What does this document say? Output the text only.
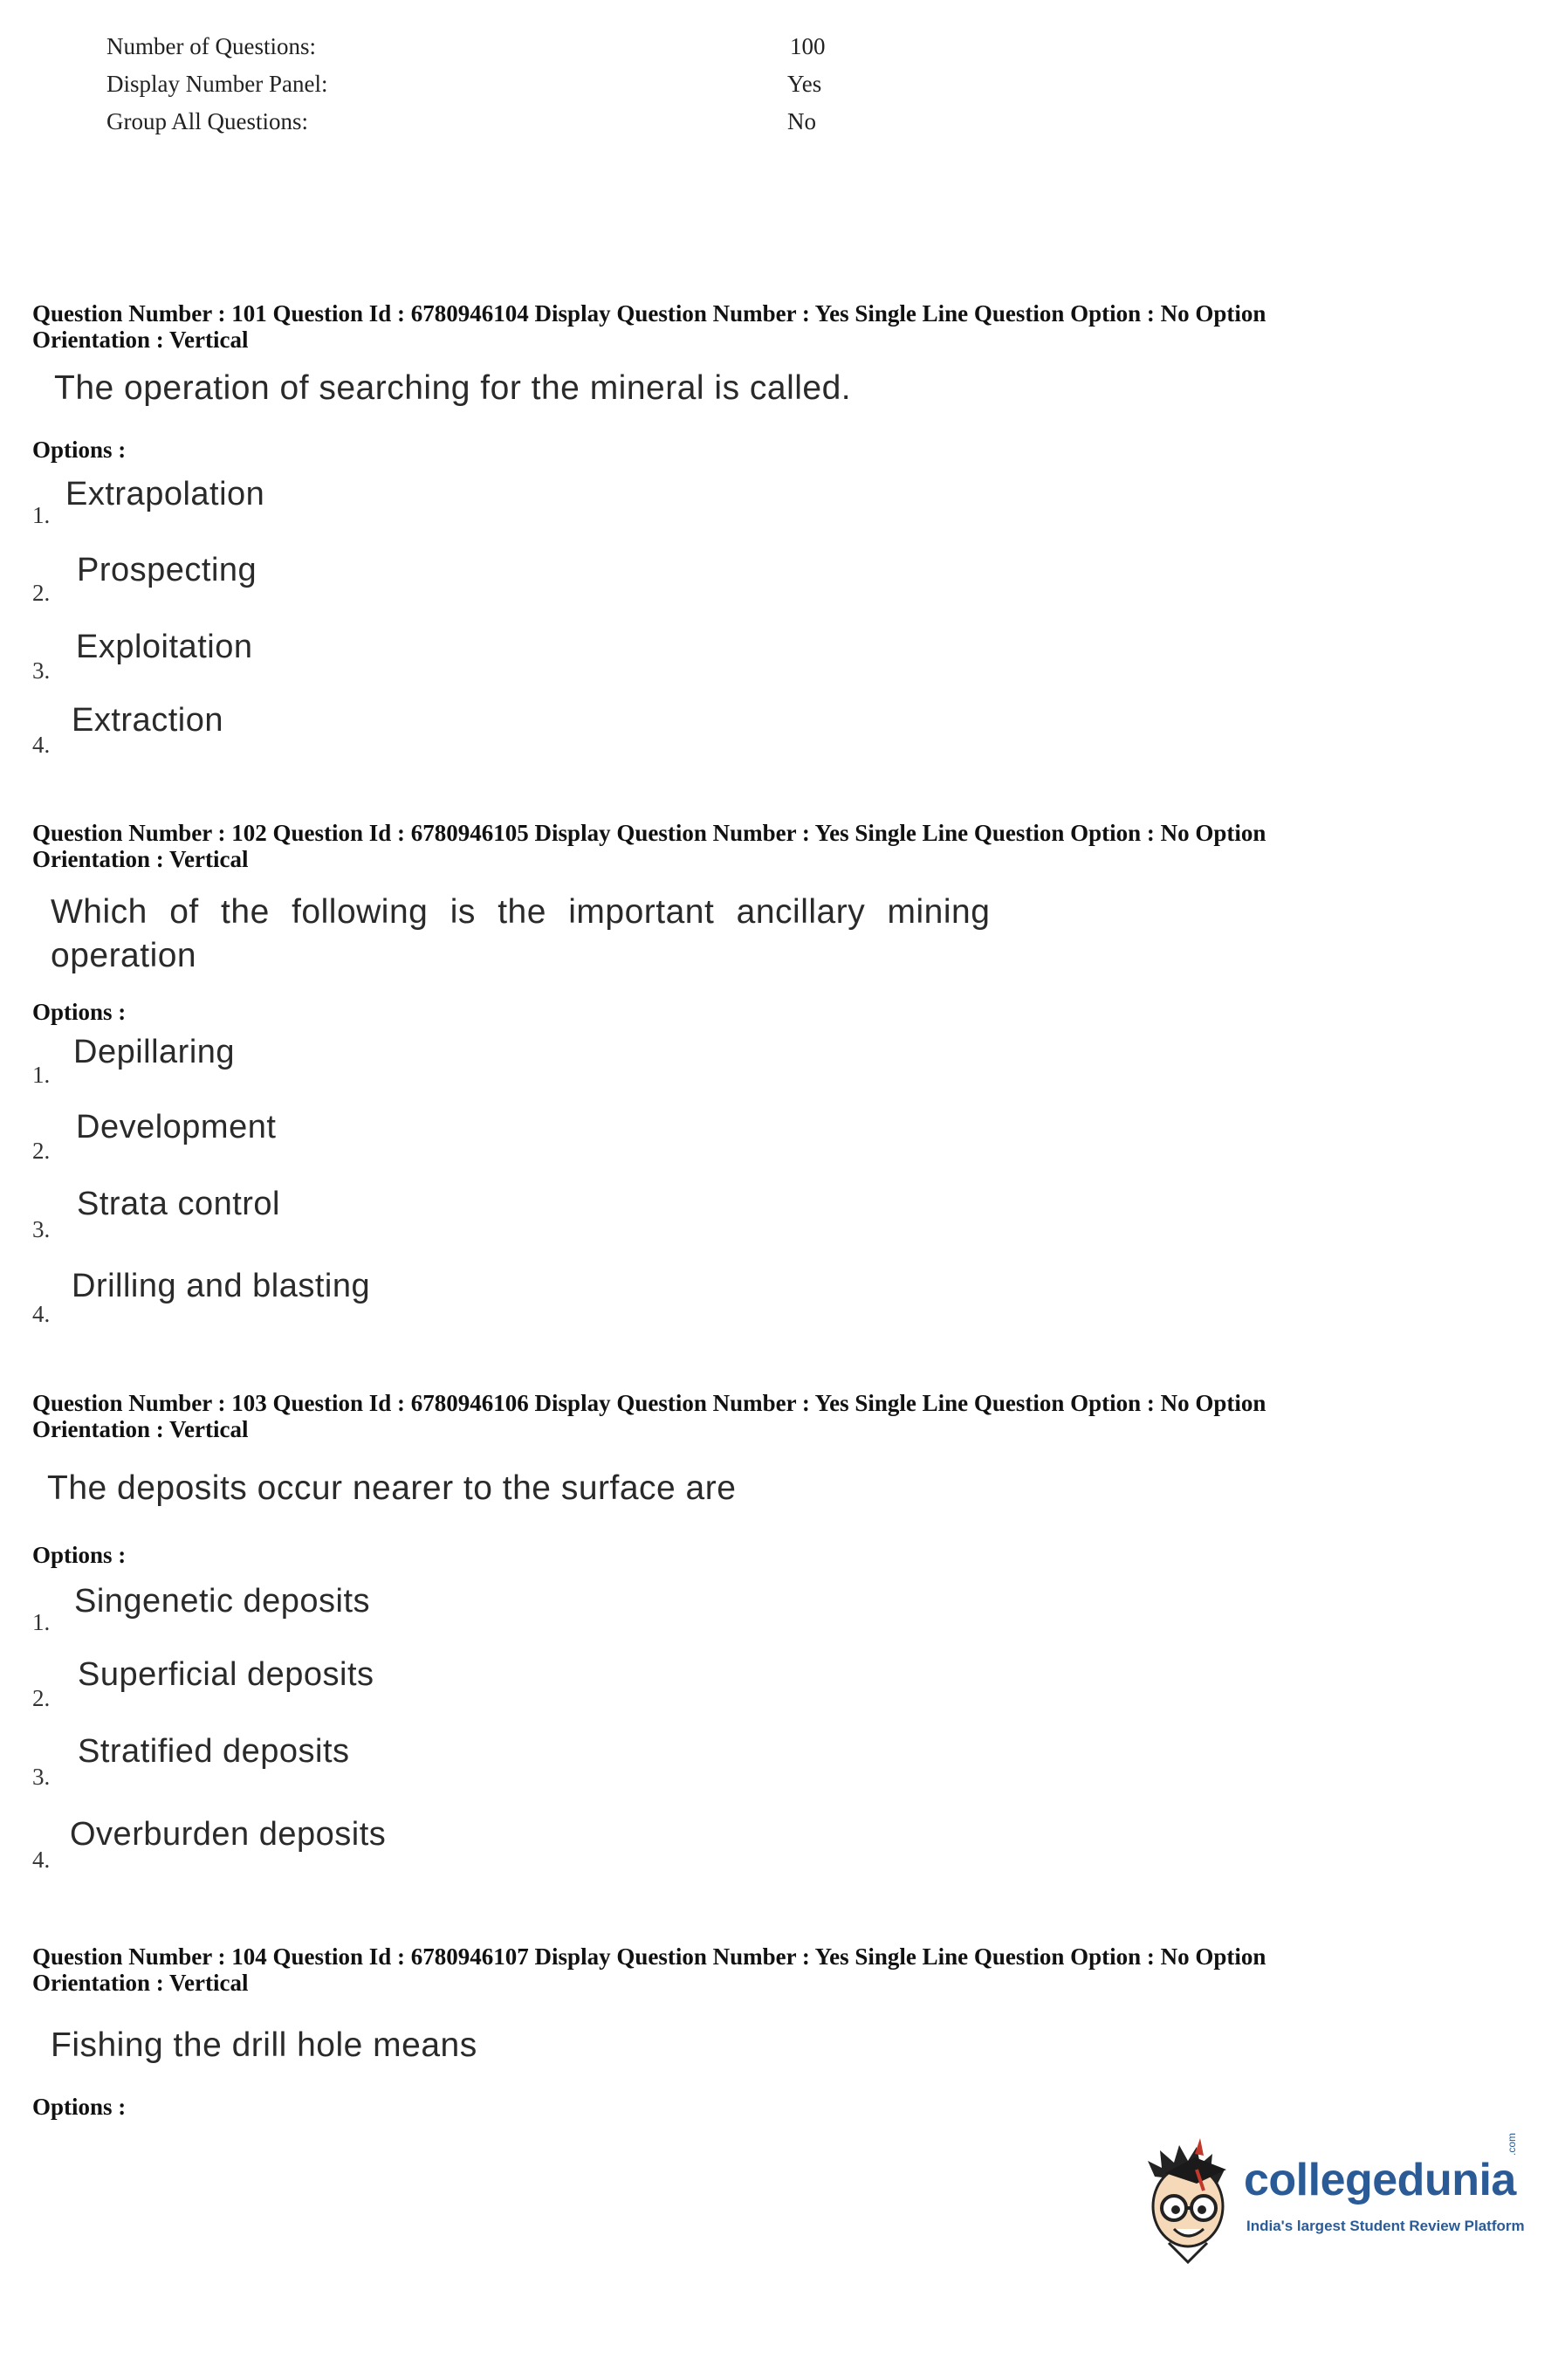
Number of Questions:	100
Display Number Panel:	Yes
Group All Questions:	No
Question Number : 101 Question Id : 6780946104 Display Question Number : Yes Single Line Question Option : No Option
Orientation : Vertical
The operation of searching for the mineral is called.
Options :
1.
Extrapolation
2.
Prospecting
3.
Exploitation
4.
Extraction
Question Number : 102 Question Id : 6780946105 Display Question Number : Yes Single Line Question Option : No Option
Orientation : Vertical
Which of the following is the important ancillary mining
operation
Options :
1.
Depillaring
2.
Development
3.
Strata control
4.
Drilling and blasting
Question Number : 103 Question Id : 6780946106 Display Question Number : Yes Single Line Question Option : No Option
Orientation : Vertical
The deposits occur nearer to the surface are
Options :
1.
Singenetic deposits
2.
Superficial deposits
3.
Stratified deposits
4.
Overburden deposits
Question Number : 104 Question Id : 6780946107 Display Question Number : Yes Single Line Question Option : No Option
Orientation : Vertical
Fishing the drill hole means
Options :
collegedunia
.com
India's largest Student Review Platform
